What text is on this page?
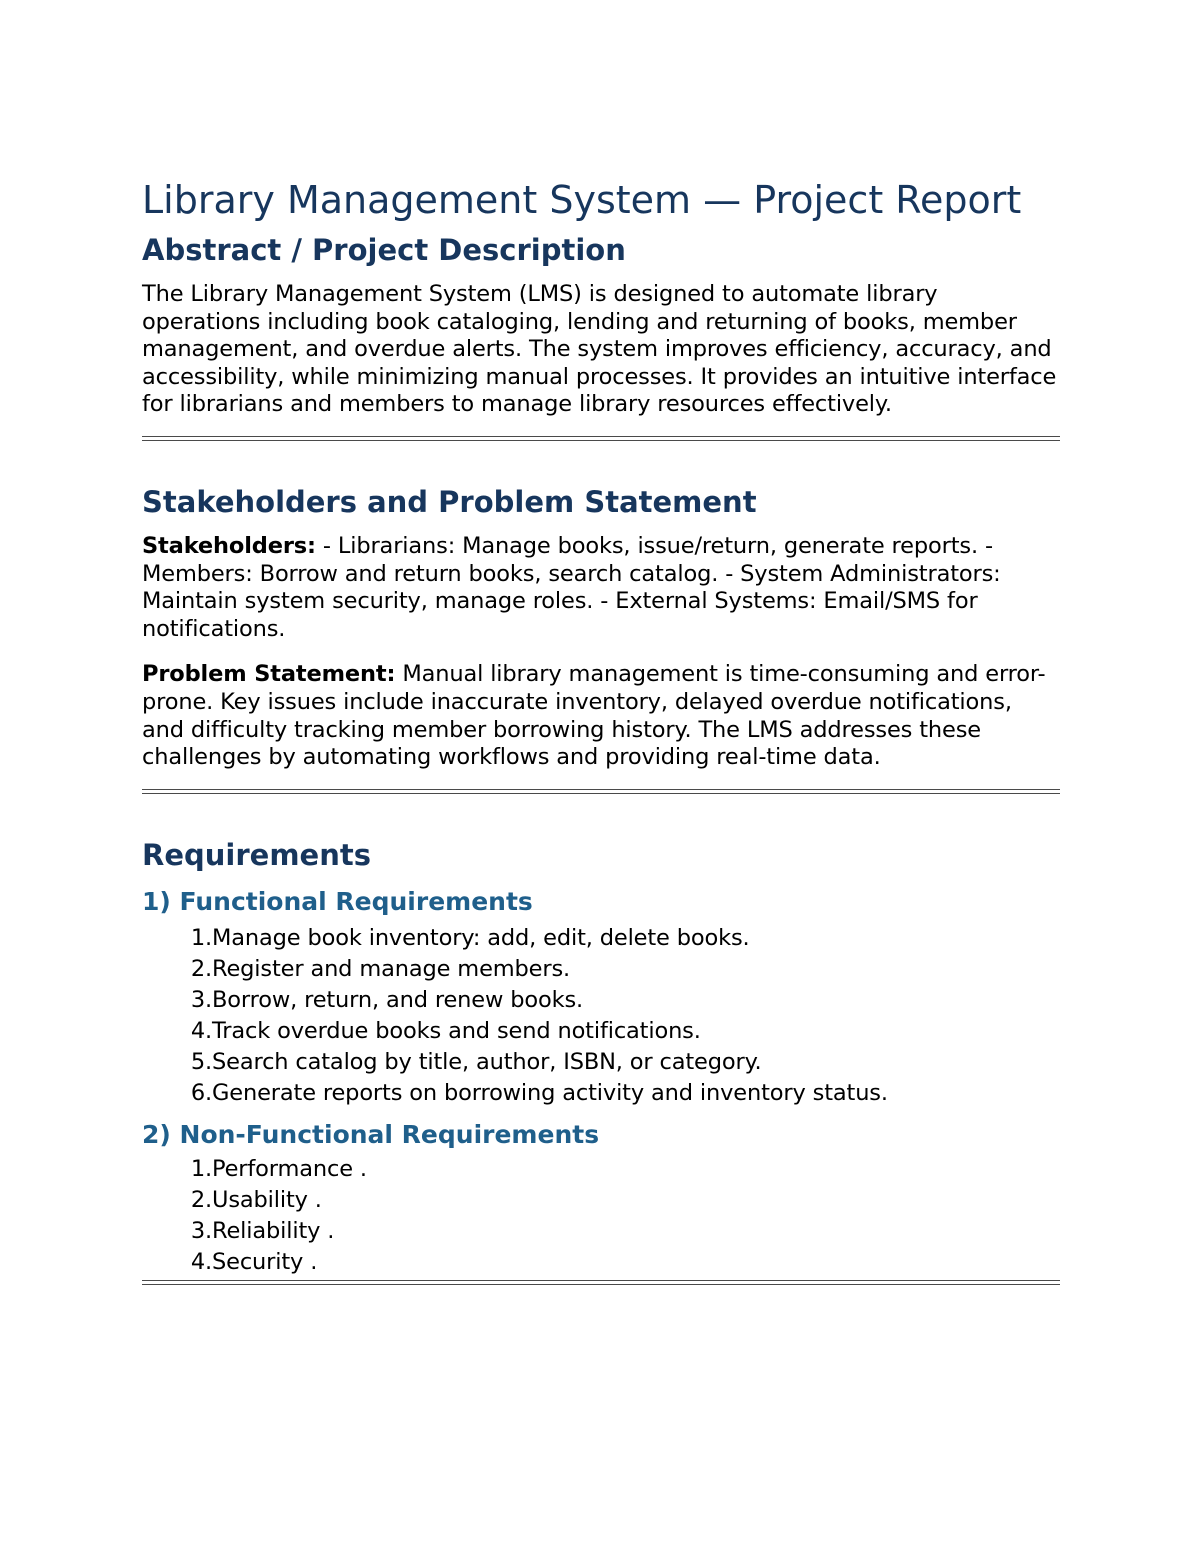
Library Management System — Project Report
Abstract / Project Description

The Library Management System (LMS) is designed to automate library operations including book cataloging, lending and returning of books, member management, and overdue alerts. The system improves efficiency, accuracy, and accessibility, while minimizing manual processes. It provides an intuitive interface for librarians and members to manage library resources effectively.

Stakeholders and Problem Statement

Stakeholders: - Librarians: Manage books, issue/return, generate reports. - Members: Borrow and return books, search catalog. - System Administrators: Maintain system security, manage roles. - External Systems: Email/SMS for notifications.

Problem Statement: Manual library management is time-consuming and error-prone. Key issues include inaccurate inventory, delayed overdue notifications, and difficulty tracking member borrowing history. The LMS addresses these challenges by automating workflows and providing real-time data.

Requirements
1) Functional Requirements
1. Manage book inventory: add, edit, delete books.
2. Register and manage members.
3. Borrow, return, and renew books.
4. Track overdue books and send notifications.
5. Search catalog by title, author, ISBN, or category.
6. Generate reports on borrowing activity and inventory status.
2) Non-Functional Requirements
1. Performance .
2. Usability .
3. Reliability .
4. Security .
